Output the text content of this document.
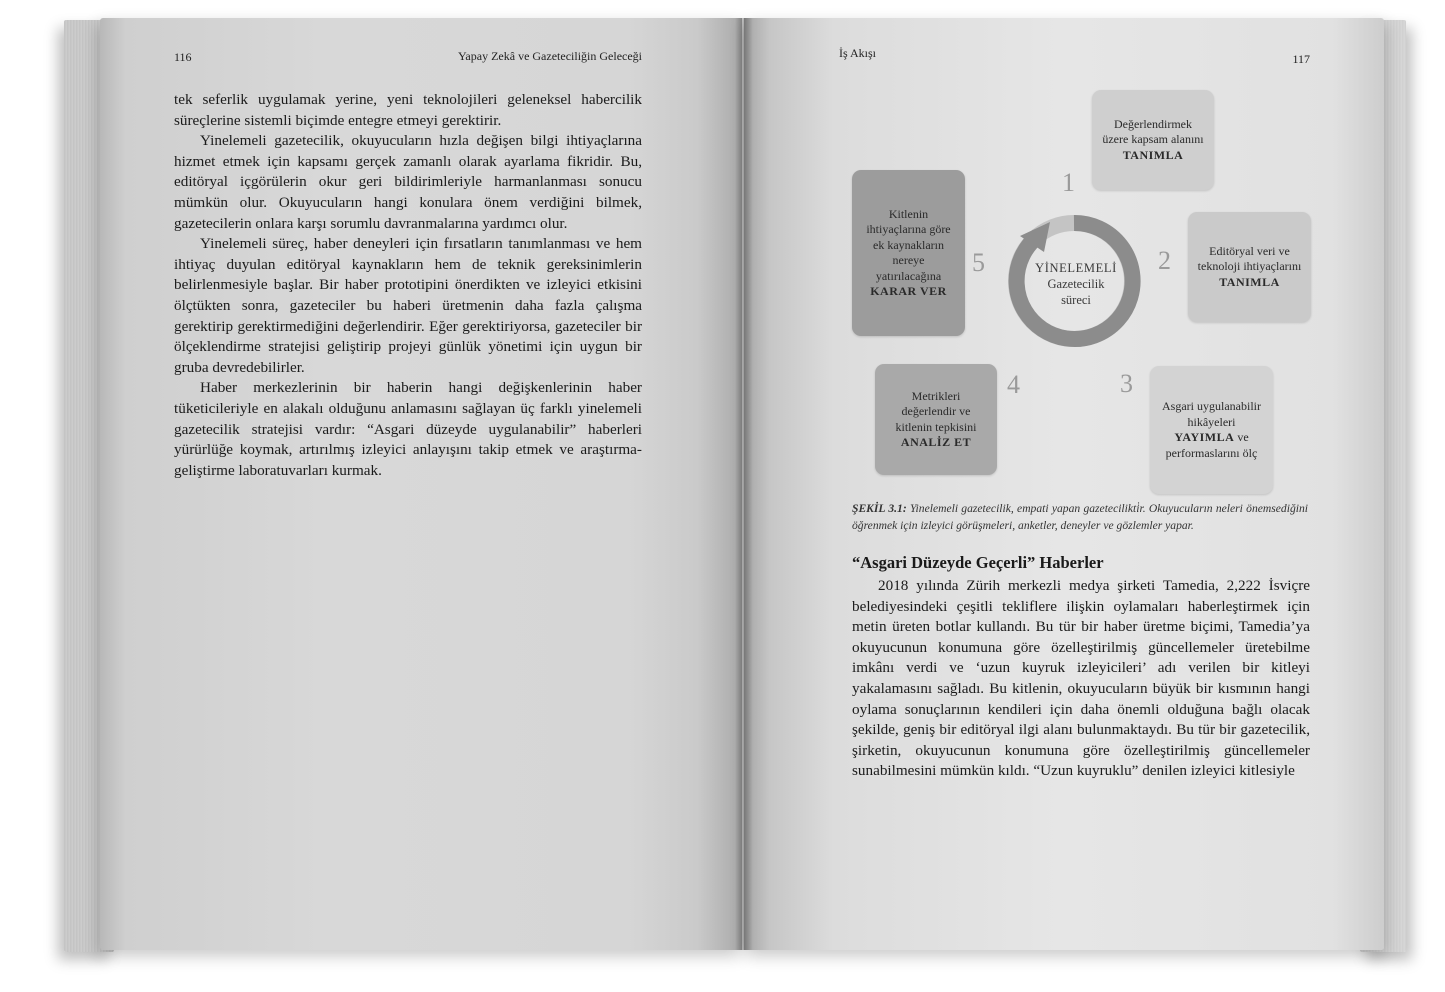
116	Yapay Zekâ ve Gazeteciliğin Geleceği

tek seferlik uygulamak yerine, yeni teknolojileri geleneksel habercilik süreçlerine sistemli biçimde entegre etmeyi gerektirir.

Yinelemeli gazetecilik, okuyucuların hızla değişen bilgi ihtiyaçlarına hizmet etmek için kapsamı gerçek zamanlı olarak ayarlama fikridir. Bu, editöryal içgörülerin okur geri bildirimleriyle harmanlanması sonucu mümkün olur. Okuyucuların hangi konulara önem verdiğini bilmek, gazetecilerin onlara karşı sorumlu davranmalarına yardımcı olur.

Yinelemeli süreç, haber deneyleri için fırsatların tanımlanması ve hem ihtiyaç duyulan editöryal kaynakların hem de teknik gereksinimlerin belirlenmesiyle başlar. Bir haber prototipini önerdikten ve izleyici etkisini ölçtükten sonra, gazeteciler bu haberi üretmenin daha fazla çalışma gerektirip gerektirmediğini değerlendirir. Eğer gerektiriyorsa, gazeteciler bir ölçeklendirme stratejisi geliştirip projeyi günlük yönetimi için uygun bir gruba devredebilirler.

Haber merkezlerinin bir haberin hangi değişkenlerinin haber tüketicileriyle en alakalı olduğunu anlamasını sağlayan üç farklı yinelemeli gazetecilik stratejisi vardır: “Asgari düzeyde uygulanabilir” haberleri yürürlüğe koymak, artırılmış izleyici anlayışını takip etmek ve araştırma-geliştirme laboratuvarları kurmak.

İş Akışı	117
YİNELEMELİ
Gazetecilik
süreci
Değerlendirmek üzere kapsam alanını
TANIMLA
1
Editöryal veri ve teknoloji ihtiyaçlarını
TANIMLA
2
Asgari uygulanabilir hikâyeleri
YAYIMLA ve performaslarını ölç
3
Metrikleri değerlendir ve kitlenin tepkisini
ANALİZ ET
4
Kitlenin ihtiyaçlarına göre ek kaynakların nereye yatırılacağına
KARAR VER
5
ŞEKİL 3.1: Yinelemeli gazetecilik, empati yapan gazetecilikti̇r. Okuyucuların neleri önemsediğini öğrenmek için izleyici görüşmeleri, anketler, deneyler ve gözlemler yapar.
“Asgari Düzeyde Geçerli” Haberler

2018 yılında Zürih merkezli medya şirketi Tamedia, 2,222 İsviçre belediyesindeki çeşitli tekliflere ilişkin oylamaları haberleştirmek için metin üreten botlar kullandı. Bu tür bir haber üretme biçimi, Tamedia’ya okuyucunun konumuna göre özelleştirilmiş güncellemeler üretebilme imkânı verdi ve ‘uzun kuyruk izleyicileri’ adı verilen bir kitleyi yakalamasını sağladı. Bu kitlenin, okuyucuların büyük bir kısmının hangi oylama sonuçlarının kendileri için daha önemli olduğuna bağlı olacak şekilde, geniş bir editöryal ilgi alanı bulunmaktaydı. Bu tür bir gazetecilik, şirketin, okuyucunun konumuna göre özelleştirilmiş güncellemeler sunabilmesini mümkün kıldı. “Uzun kuyruklu” denilen izleyici kitlesiyle
